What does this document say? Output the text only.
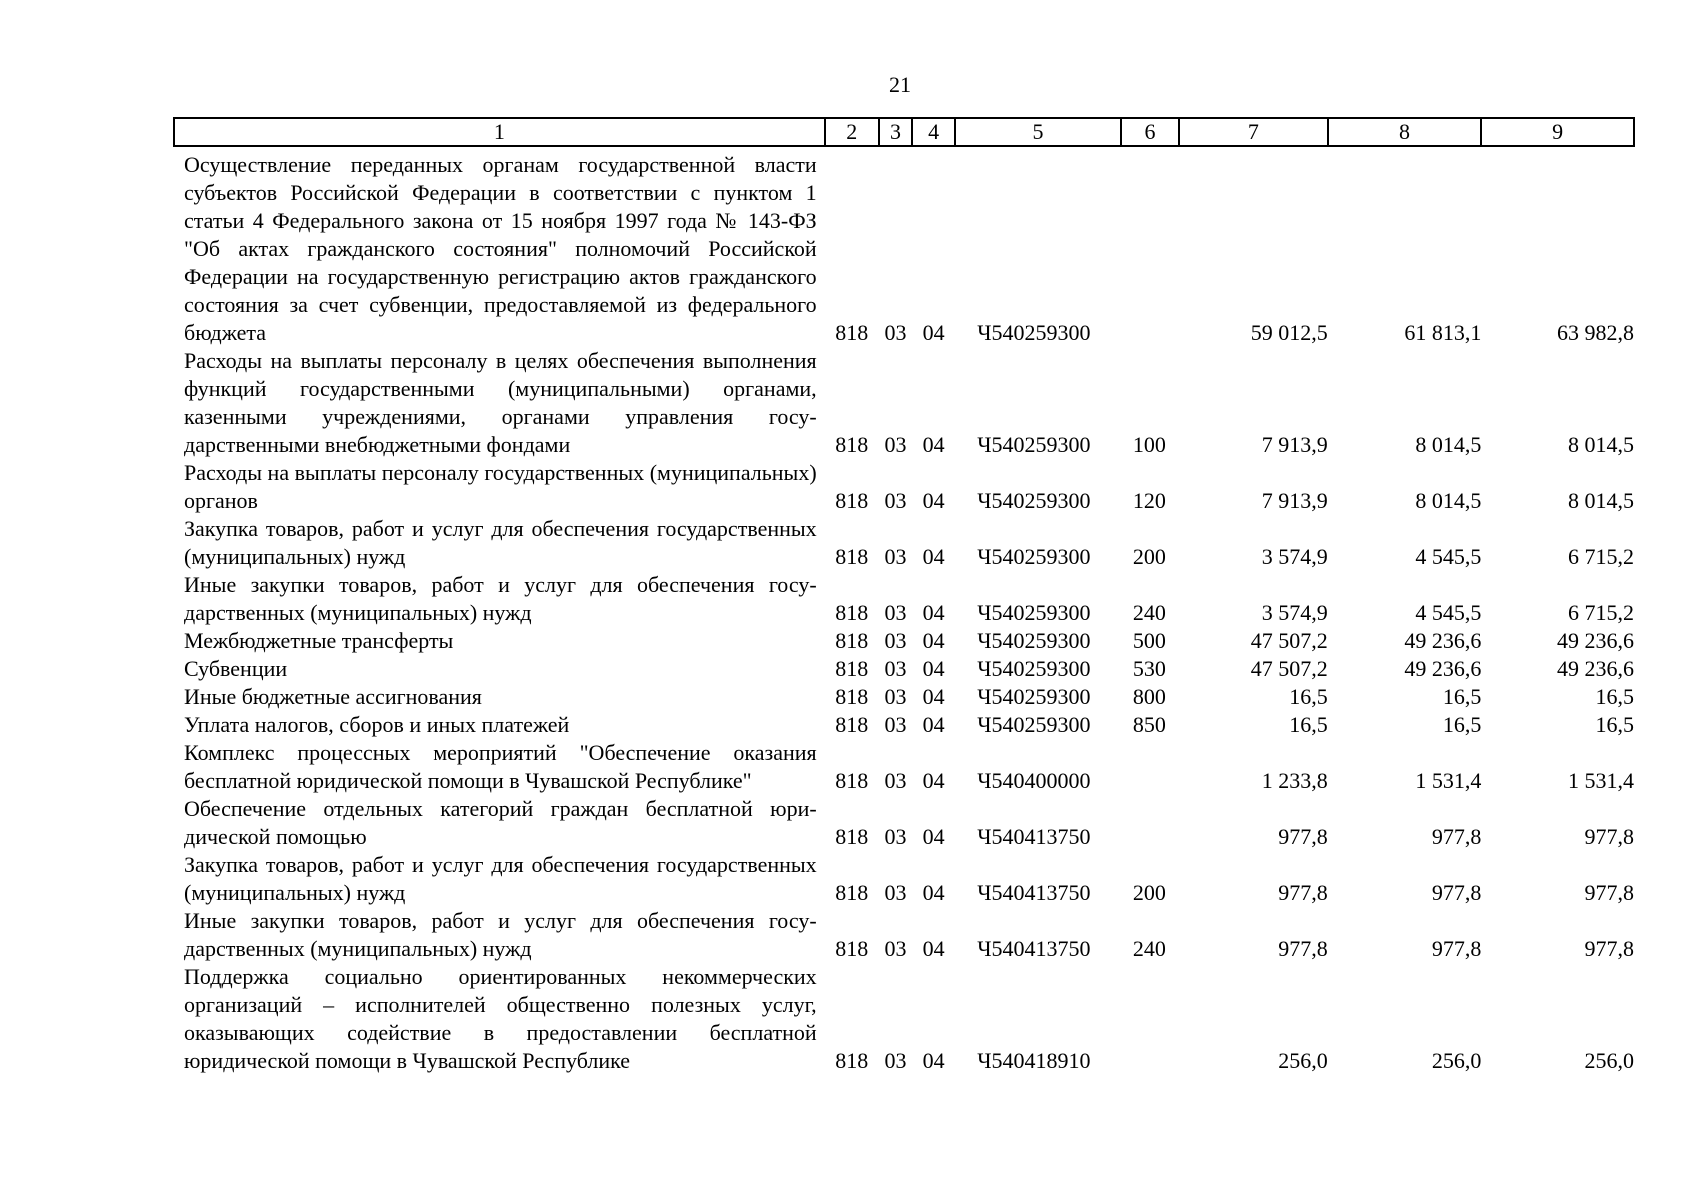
21
1	2	3	4	5	6	7	8	9

Осуществление переданных органам государственной власти субъектов Российской Федерации в соответствии с пунктом 1 статьи 4 Федерального закона от 15 ноября 1997 года № 143-ФЗ "Об актах гражданского состояния" полномочий Российской Федерации на государственную регистрацию актов гражданского состояния за счет субвенции, предоставляемой из федерального бюджета	818	03	04	Ч540259300		59 012,5	61 813,1	63 982,8
Расходы на выплаты персоналу в целях обеспечения выполнения функций государственными (муниципальными) органами, казенными учреждениями, органами управления государственными внебюджетными фондами	818	03	04	Ч540259300	100	7 913,9	8 014,5	8 014,5
Расходы на выплаты персоналу государственных (муниципальных) органов	818	03	04	Ч540259300	120	7 913,9	8 014,5	8 014,5
Закупка товаров, работ и услуг для обеспечения государственных (муниципальных) нужд	818	03	04	Ч540259300	200	3 574,9	4 545,5	6 715,2
Иные закупки товаров, работ и услуг для обеспечения государственных (муниципальных) нужд	818	03	04	Ч540259300	240	3 574,9	4 545,5	6 715,2
Межбюджетные трансферты	818	03	04	Ч540259300	500	47 507,2	49 236,6	49 236,6
Субвенции	818	03	04	Ч540259300	530	47 507,2	49 236,6	49 236,6
Иные бюджетные ассигнования	818	03	04	Ч540259300	800	16,5	16,5	16,5
Уплата налогов, сборов и иных платежей	818	03	04	Ч540259300	850	16,5	16,5	16,5
Комплекс процессных мероприятий "Обеспечение оказания бесплатной юридической помощи в Чувашской Республике"	818	03	04	Ч540400000		1 233,8	1 531,4	1 531,4
Обеспечение отдельных категорий граждан бесплатной юридической помощью	818	03	04	Ч540413750		977,8	977,8	977,8
Закупка товаров, работ и услуг для обеспечения государственных (муниципальных) нужд	818	03	04	Ч540413750	200	977,8	977,8	977,8
Иные закупки товаров, работ и услуг для обеспечения государственных (муниципальных) нужд	818	03	04	Ч540413750	240	977,8	977,8	977,8
Поддержка социально ориентированных некоммерческих организаций – исполнителей общественно полезных услуг, оказывающих содействие в предоставлении бесплатной юридической помощи в Чувашской Республике	818	03	04	Ч540418910		256,0	256,0	256,0
